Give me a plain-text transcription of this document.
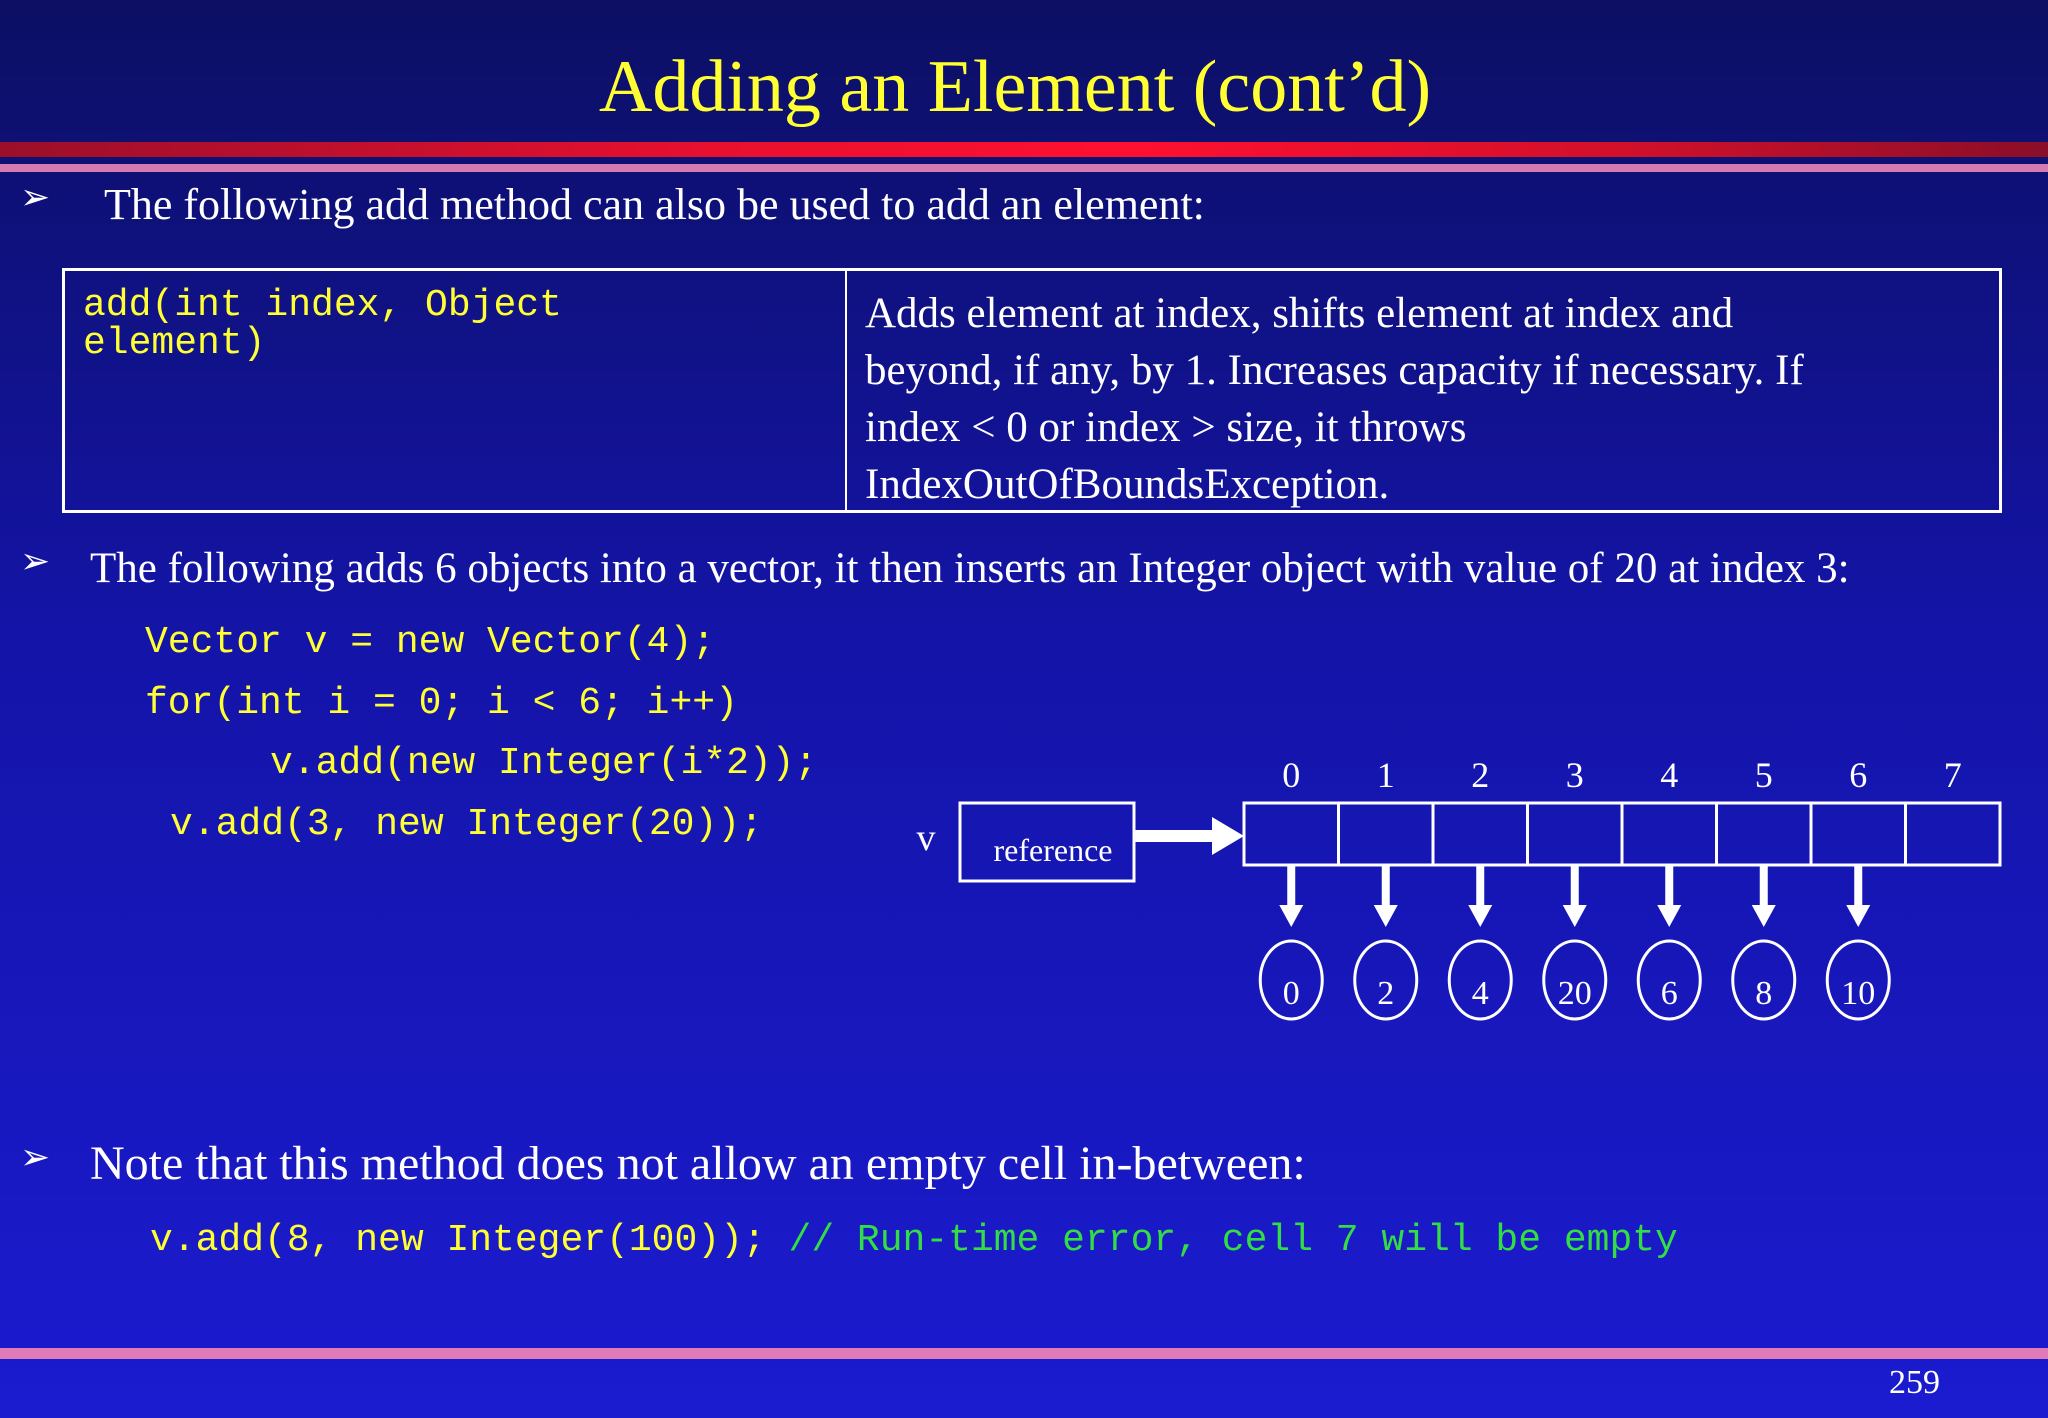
Adding an Element (cont’d)
➢ The following add method can also be used to add an element:
add(int index, Object
element)
Adds element at index, shifts element at index and
beyond, if any, by 1. Increases capacity if necessary. If
index < 0 or index > size, it throws
IndexOutOfBoundsException.
➢ The following adds 6 objects into a vector, it then inserts an Integer object with value of 20 at index 3:
Vector v = new Vector(4);
for(int i = 0; i < 6; i++)
v.add(new Integer(i*2));
v.add(3, new Integer(20));	v reference
0 1 2 3 4 5 6 7
0 2 4 20 6 8 10
➢ Note that this method does not allow an empty cell in-between:
v.add(8, new Integer(100)); // Run-time error, cell 7 will be empty
259
